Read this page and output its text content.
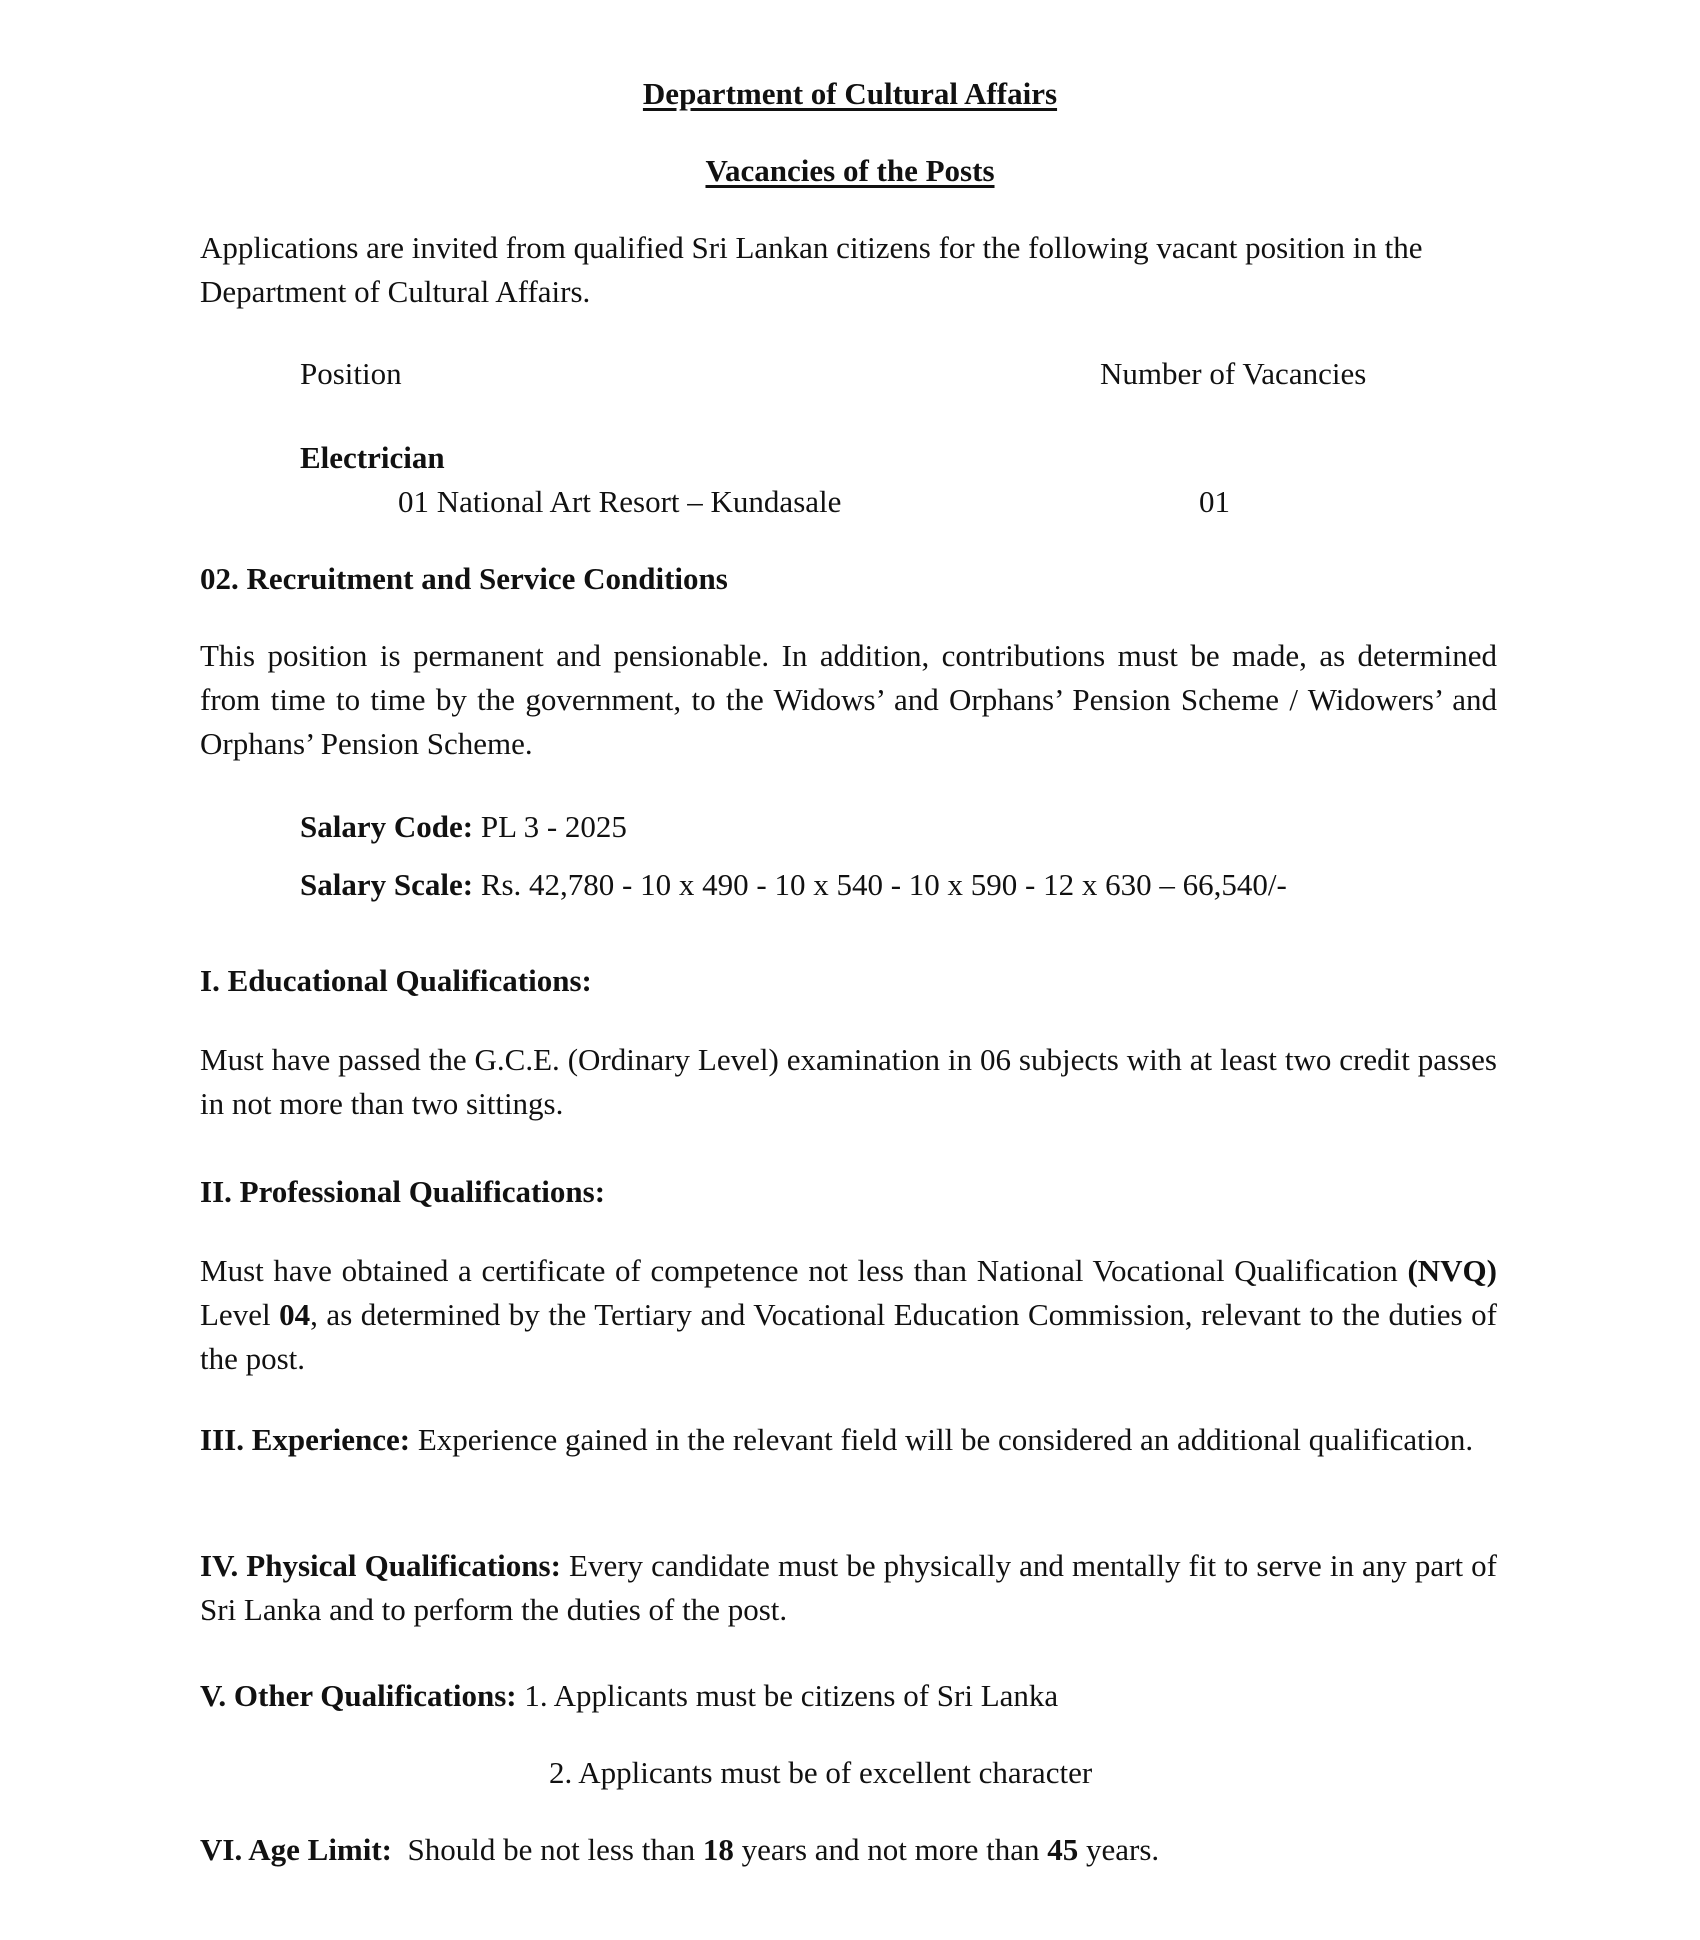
Department of Cultural Affairs
Vacancies of the Posts
Applications are invited from qualified Sri Lankan citizens for the following vacant position in the Department of Cultural Affairs.
Position	Number of Vacancies
Electrician
01 National Art Resort – Kundasale	01
02. Recruitment and Service Conditions
This position is permanent and pensionable. In addition, contributions must be made, as determined from time to time by the government, to the Widows’ and Orphans’ Pension Scheme / Widowers’ and Orphans’ Pension Scheme.
Salary Code: PL 3 - 2025
Salary Scale: Rs. 42,780 - 10 x 490 - 10 x 540 - 10 x 590 - 12 x 630 – 66,540/-
I. Educational Qualifications:
Must have passed the G.C.E. (Ordinary Level) examination in 06 subjects with at least two credit passes in not more than two sittings.
II. Professional Qualifications:
Must have obtained a certificate of competence not less than National Vocational Qualification (NVQ) Level 04, as determined by the Tertiary and Vocational Education Commission, relevant to the duties of the post.
III. Experience: Experience gained in the relevant field will be considered an additional qualification.
IV. Physical Qualifications: Every candidate must be physically and mentally fit to serve in any part of Sri Lanka and to perform the duties of the post.
V. Other Qualifications: 1. Applicants must be citizens of Sri Lanka
2. Applicants must be of excellent character
VI. Age Limit:  Should be not less than 18 years and not more than 45 years.
